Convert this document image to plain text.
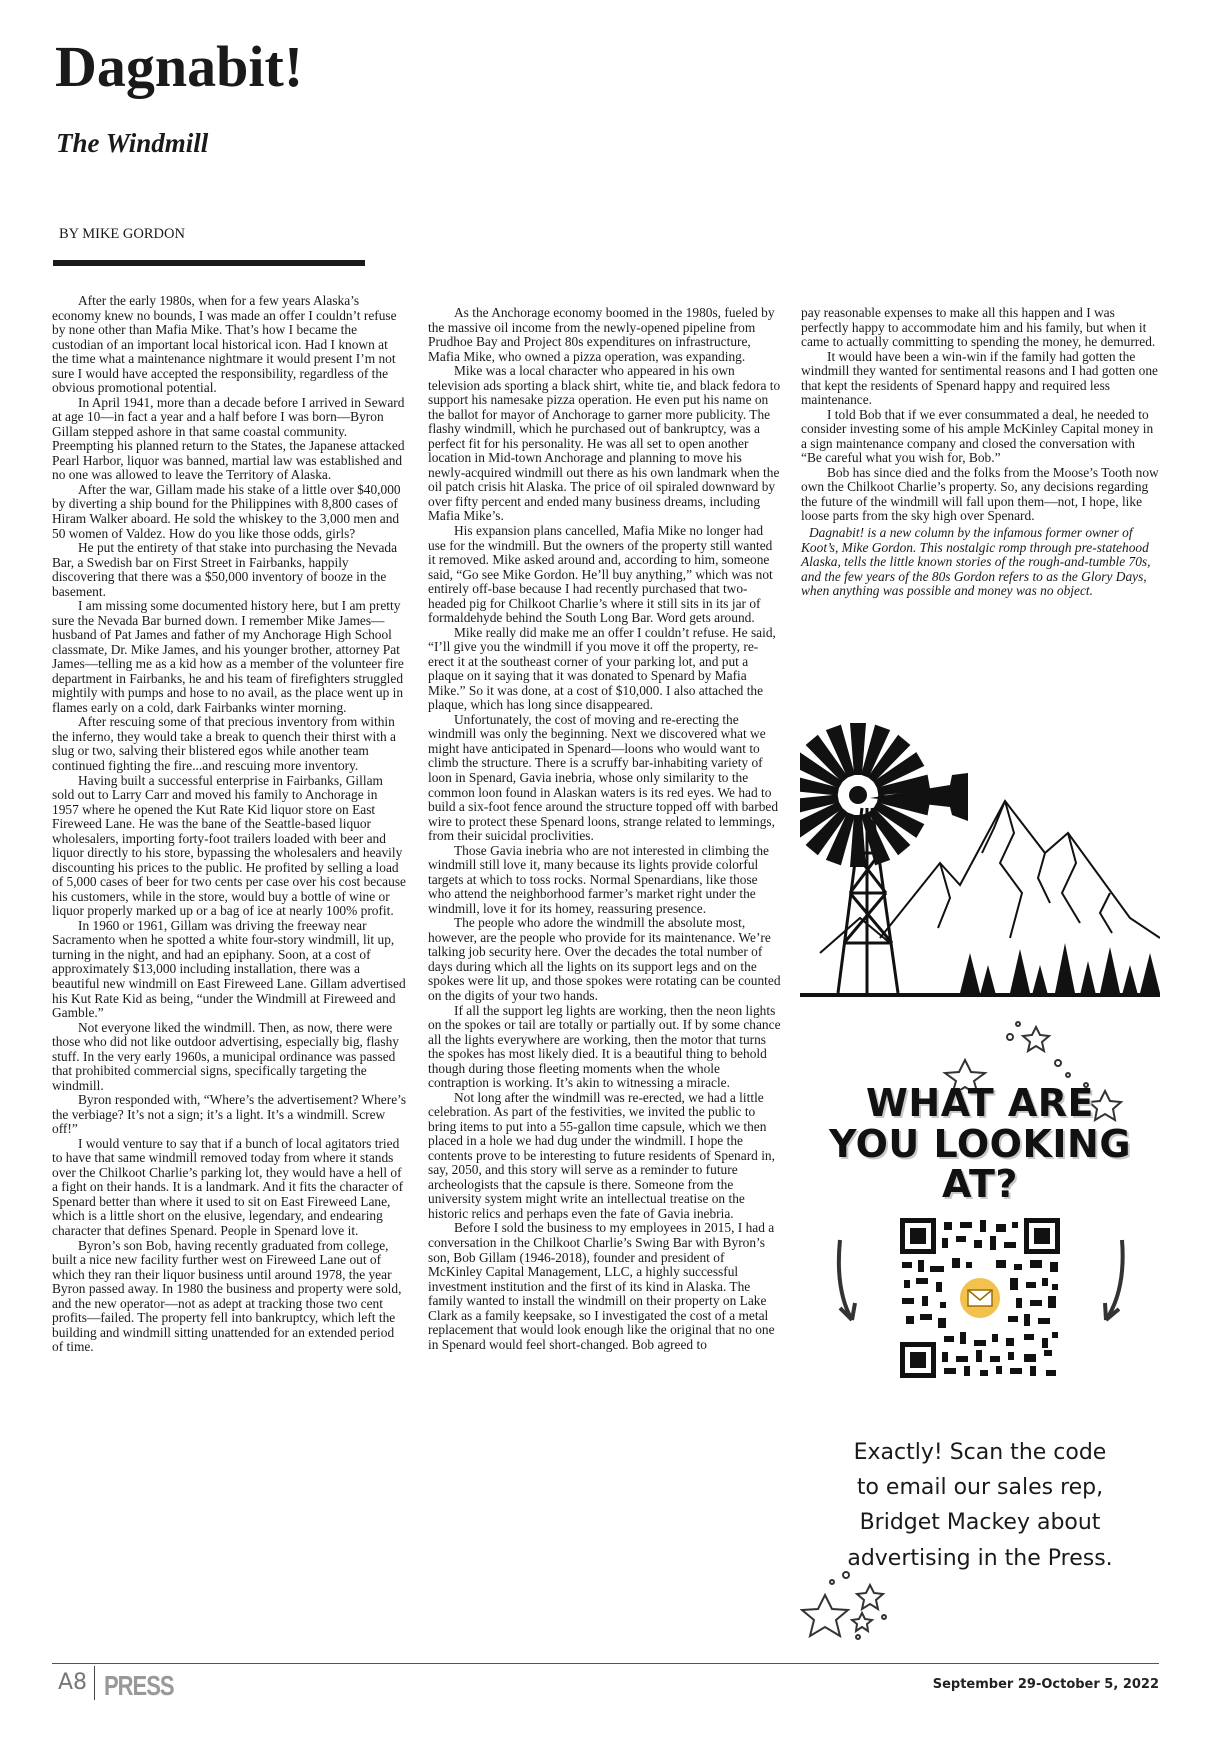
Dagnabit!
The Windmill
BY MIKE GORDON

After the early 1980s, when for a few years Alaska’s economy knew no bounds, I was made an offer I couldn’t refuse by none other than Mafia Mike. That’s how I became the custodian of an important local historical icon. Had I known at the time what a maintenance nightmare it would present I’m not sure I would have accepted the responsibility, regardless of the obvious promotional potential.

In April 1941, more than a decade before I arrived in Seward at age 10—in fact a year and a half before I was born—Byron Gillam stepped ashore in that same coastal community. Preempting his planned return to the States, the Japanese attacked Pearl Harbor, liquor was banned, martial law was established and no one was allowed to leave the Territory of Alaska.

After the war, Gillam made his stake of a little over $40,000 by diverting a ship bound for the Philippines with 8,800 cases of Hiram Walker aboard. He sold the whiskey to the 3,000 men and 50 women of Valdez. How do you like those odds, girls?

He put the entirety of that stake into purchasing the Nevada Bar, a Swedish bar on First Street in Fairbanks, happily discovering that there was a $50,000 inventory of booze in the basement.

I am missing some documented history here, but I am pretty sure the Nevada Bar burned down. I remember Mike James—husband of Pat James and father of my Anchorage High School classmate, Dr. Mike James, and his younger brother, attorney Pat James—telling me as a kid how as a member of the volunteer fire department in Fairbanks, he and his team of firefighters struggled mightily with pumps and hose to no avail, as the place went up in flames early on a cold, dark Fairbanks winter morning.

After rescuing some of that precious inventory from within the inferno, they would take a break to quench their thirst with a slug or two, salving their blistered egos while another team continued fighting the fire...and rescuing more inventory.

Having built a successful enterprise in Fairbanks, Gillam sold out to Larry Carr and moved his family to Anchorage in 1957 where he opened the Kut Rate Kid liquor store on East Fireweed Lane. He was the bane of the Seattle-based liquor wholesalers, importing forty-foot trailers loaded with beer and liquor directly to his store, bypassing the wholesalers and heavily discounting his prices to the public. He profited by selling a load of 5,000 cases of beer for two cents per case over his cost because his customers, while in the store, would buy a bottle of wine or liquor properly marked up or a bag of ice at nearly 100% profit.

In 1960 or 1961, Gillam was driving the freeway near Sacramento when he spotted a white four-story windmill, lit up, turning in the night, and had an epiphany. Soon, at a cost of approximately $13,000 including installation, there was a beautiful new windmill on East Fireweed Lane. Gillam advertised his Kut Rate Kid as being, “under the Windmill at Fireweed and Gamble.”

Not everyone liked the windmill. Then, as now, there were those who did not like outdoor advertising, especially big, flashy stuff. In the very early 1960s, a municipal ordinance was passed that prohibited commercial signs, specifically targeting the windmill.

Byron responded with, “Where’s the advertisement? Where’s the verbiage? It’s not a sign; it’s a light. It’s a windmill. Screw off!”

I would venture to say that if a bunch of local agitators tried to have that same windmill removed today from where it stands over the Chilkoot Charlie’s parking lot, they would have a hell of a fight on their hands. It is a landmark. And it fits the character of Spenard better than where it used to sit on East Fireweed Lane, which is a little short on the elusive, legendary, and endearing character that defines Spenard. People in Spenard love it.

Byron’s son Bob, having recently graduated from college, built a nice new facility further west on Fireweed Lane out of which they ran their liquor business until around 1978, the year Byron passed away. In 1980 the business and property were sold, and the new operator—not as adept at tracking those two cent profits—failed. The property fell into bankruptcy, which left the building and windmill sitting unattended for an extended period of time.

As the Anchorage economy boomed in the 1980s, fueled by the massive oil income from the newly-opened pipeline from Prudhoe Bay and Project 80s expenditures on infrastructure, Mafia Mike, who owned a pizza operation, was expanding.

Mike was a local character who appeared in his own television ads sporting a black shirt, white tie, and black fedora to support his namesake pizza operation. He even put his name on the ballot for mayor of Anchorage to garner more publicity. The flashy windmill, which he purchased out of bankruptcy, was a perfect fit for his personality. He was all set to open another location in Mid-town Anchorage and planning to move his newly-acquired windmill out there as his own landmark when the oil patch crisis hit Alaska. The price of oil spiraled downward by over fifty percent and ended many business dreams, including Mafia Mike’s.

His expansion plans cancelled, Mafia Mike no longer had use for the windmill. But the owners of the property still wanted it removed. Mike asked around and, according to him, someone said, “Go see Mike Gordon. He’ll buy anything,” which was not entirely off-base because I had recently purchased that two-headed pig for Chilkoot Charlie’s where it still sits in its jar of formaldehyde behind the South Long Bar. Word gets around.

Mike really did make me an offer I couldn’t refuse. He said, “I’ll give you the windmill if you move it off the property, re-erect it at the southeast corner of your parking lot, and put a plaque on it saying that it was donated to Spenard by Mafia Mike.” So it was done, at a cost of $10,000. I also attached the plaque, which has long since disappeared.

Unfortunately, the cost of moving and re-erecting the windmill was only the beginning. Next we discovered what we might have anticipated in Spenard—loons who would want to climb the structure. There is a scruffy bar-inhabiting variety of loon in Spenard, Gavia inebria, whose only similarity to the common loon found in Alaskan waters is its red eyes. We had to build a six-foot fence around the structure topped off with barbed wire to protect these Spenard loons, strange related to lemmings, from their suicidal proclivities.

Those Gavia inebria who are not interested in climbing the windmill still love it, many because its lights provide colorful targets at which to toss rocks. Normal Spenardians, like those who attend the neighborhood farmer’s market right under the windmill, love it for its homey, reassuring presence.

The people who adore the windmill the absolute most, however, are the people who provide for its maintenance. We’re talking job security here. Over the decades the total number of days during which all the lights on its support legs and on the spokes were lit up, and those spokes were rotating can be counted on the digits of your two hands.

If all the support leg lights are working, then the neon lights on the spokes or tail are totally or partially out. If by some chance all the lights everywhere are working, then the motor that turns the spokes has most likely died. It is a beautiful thing to behold though during those fleeting moments when the whole contraption is working. It’s akin to witnessing a miracle.

Not long after the windmill was re-erected, we had a little celebration. As part of the festivities, we invited the public to bring items to put into a 55-gallon time capsule, which we then placed in a hole we had dug under the windmill. I hope the contents prove to be interesting to future residents of Spenard in, say, 2050, and this story will serve as a reminder to future archeologists that the capsule is there. Someone from the university system might write an intellectual treatise on the historic relics and perhaps even the fate of Gavia inebria.

Before I sold the business to my employees in 2015, I had a conversation in the Chilkoot Charlie’s Swing Bar with Byron’s son, Bob Gillam (1946-2018), founder and president of McKinley Capital Management, LLC, a highly successful investment institution and the first of its kind in Alaska. The family wanted to install the windmill on their property on Lake Clark as a family keepsake, so I investigated the cost of a metal replacement that would look enough like the original that no one in Spenard would feel short-changed. Bob agreed to

pay reasonable expenses to make all this happen and I was perfectly happy to accommodate him and his family, but when it came to actually committing to spending the money, he demurred.

It would have been a win-win if the family had gotten the windmill they wanted for sentimental reasons and I had gotten one that kept the residents of Spenard happy and required less maintenance.

I told Bob that if we ever consummated a deal, he needed to consider investing some of his ample McKinley Capital money in a sign maintenance company and closed the conversation with “Be careful what you wish for, Bob.”

Bob has since died and the folks from the Moose’s Tooth now own the Chilkoot Charlie’s property. So, any decisions regarding the future of the windmill will fall upon them—not, I hope, like loose parts from the sky high over Spenard.

Dagnabit! is a new column by the infamous former owner of Koot’s, Mike Gordon. This nostalgic romp through pre-statehood Alaska, tells the little known stories of the rough-and-tumble 70s, and the few years of the 80s Gordon refers to as the Glory Days, when anything was possible and money was no object.

WHAT ARE
YOU LOOKING
AT?
Exactly! Scan the code
to email our sales rep,
Bridget Mackey about
advertising in the Press.
A8 PRESS	September 29-October 5, 2022
